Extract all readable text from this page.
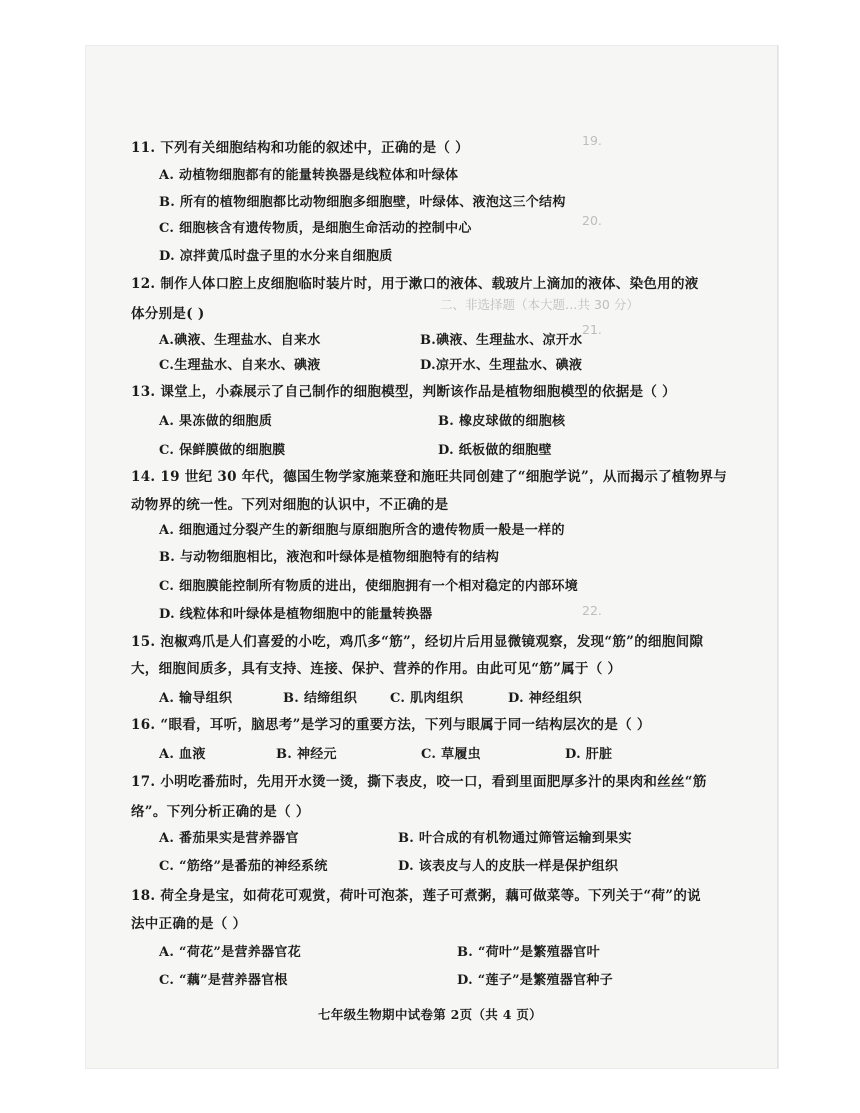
19.
20.
21.
22.
二、非选择题（本大题…共 30 分）
11. 下列有关细胞结构和功能的叙述中，正确的是（ ）
A. 动植物细胞都有的能量转换器是线粒体和叶绿体
B. 所有的植物细胞都比动物细胞多细胞壁，叶绿体、液泡这三个结构
C. 细胞核含有遗传物质，是细胞生命活动的控制中心
D. 凉拌黄瓜时盘子里的水分来自细胞质
12. 制作人体口腔上皮细胞临时装片时，用于漱口的液体、载玻片上滴加的液体、染色用的液
体分别是( )
A.碘液、生理盐水、自来水	B.碘液、生理盐水、凉开水
C.生理盐水、自来水、碘液	D.凉开水、生理盐水、碘液
13. 课堂上，小森展示了自己制作的细胞模型，判断该作品是植物细胞模型的依据是（ ）
A. 果冻做的细胞质	B. 橡皮球做的细胞核
C. 保鲜膜做的细胞膜	D. 纸板做的细胞壁
14. 19 世纪 30 年代，德国生物学家施莱登和施旺共同创建了“细胞学说”，从而揭示了植物界与
动物界的统一性。下列对细胞的认识中，不正确的是
A. 细胞通过分裂产生的新细胞与原细胞所含的遗传物质一般是一样的
B. 与动物细胞相比，液泡和叶绿体是植物细胞特有的结构
C. 细胞膜能控制所有物质的进出，使细胞拥有一个相对稳定的内部环境
D. 线粒体和叶绿体是植物细胞中的能量转换器
15. 泡椒鸡爪是人们喜爱的小吃，鸡爪多“筋”，经切片后用显微镜观察，发现“筋”的细胞间隙
大，细胞间质多，具有支持、连接、保护、营养的作用。由此可见“筋”属于（ ）
A. 输导组织	B. 结缔组织	C. 肌肉组织	D. 神经组织
16. “眼看，耳听，脑思考”是学习的重要方法，下列与眼属于同一结构层次的是（ ）
A. 血液	B. 神经元	C. 草履虫	D. 肝脏
17. 小明吃番茄时，先用开水烫一烫，撕下表皮，咬一口，看到里面肥厚多汁的果肉和丝丝“筋
络”。下列分析正确的是（ ）
A. 番茄果实是营养器官	B. 叶合成的有机物通过筛管运输到果实
C. “筋络”是番茄的神经系统	D. 该表皮与人的皮肤一样是保护组织
18. 荷全身是宝，如荷花可观赏，荷叶可泡茶，莲子可煮粥，藕可做菜等。下列关于“荷”的说
法中正确的是（ ）
A. “荷花”是营养器官花	B. “荷叶”是繁殖器官叶
C. “藕”是营养器官根	D. “莲子”是繁殖器官种子
七年级生物期中试卷第 2页（共 4 页）
